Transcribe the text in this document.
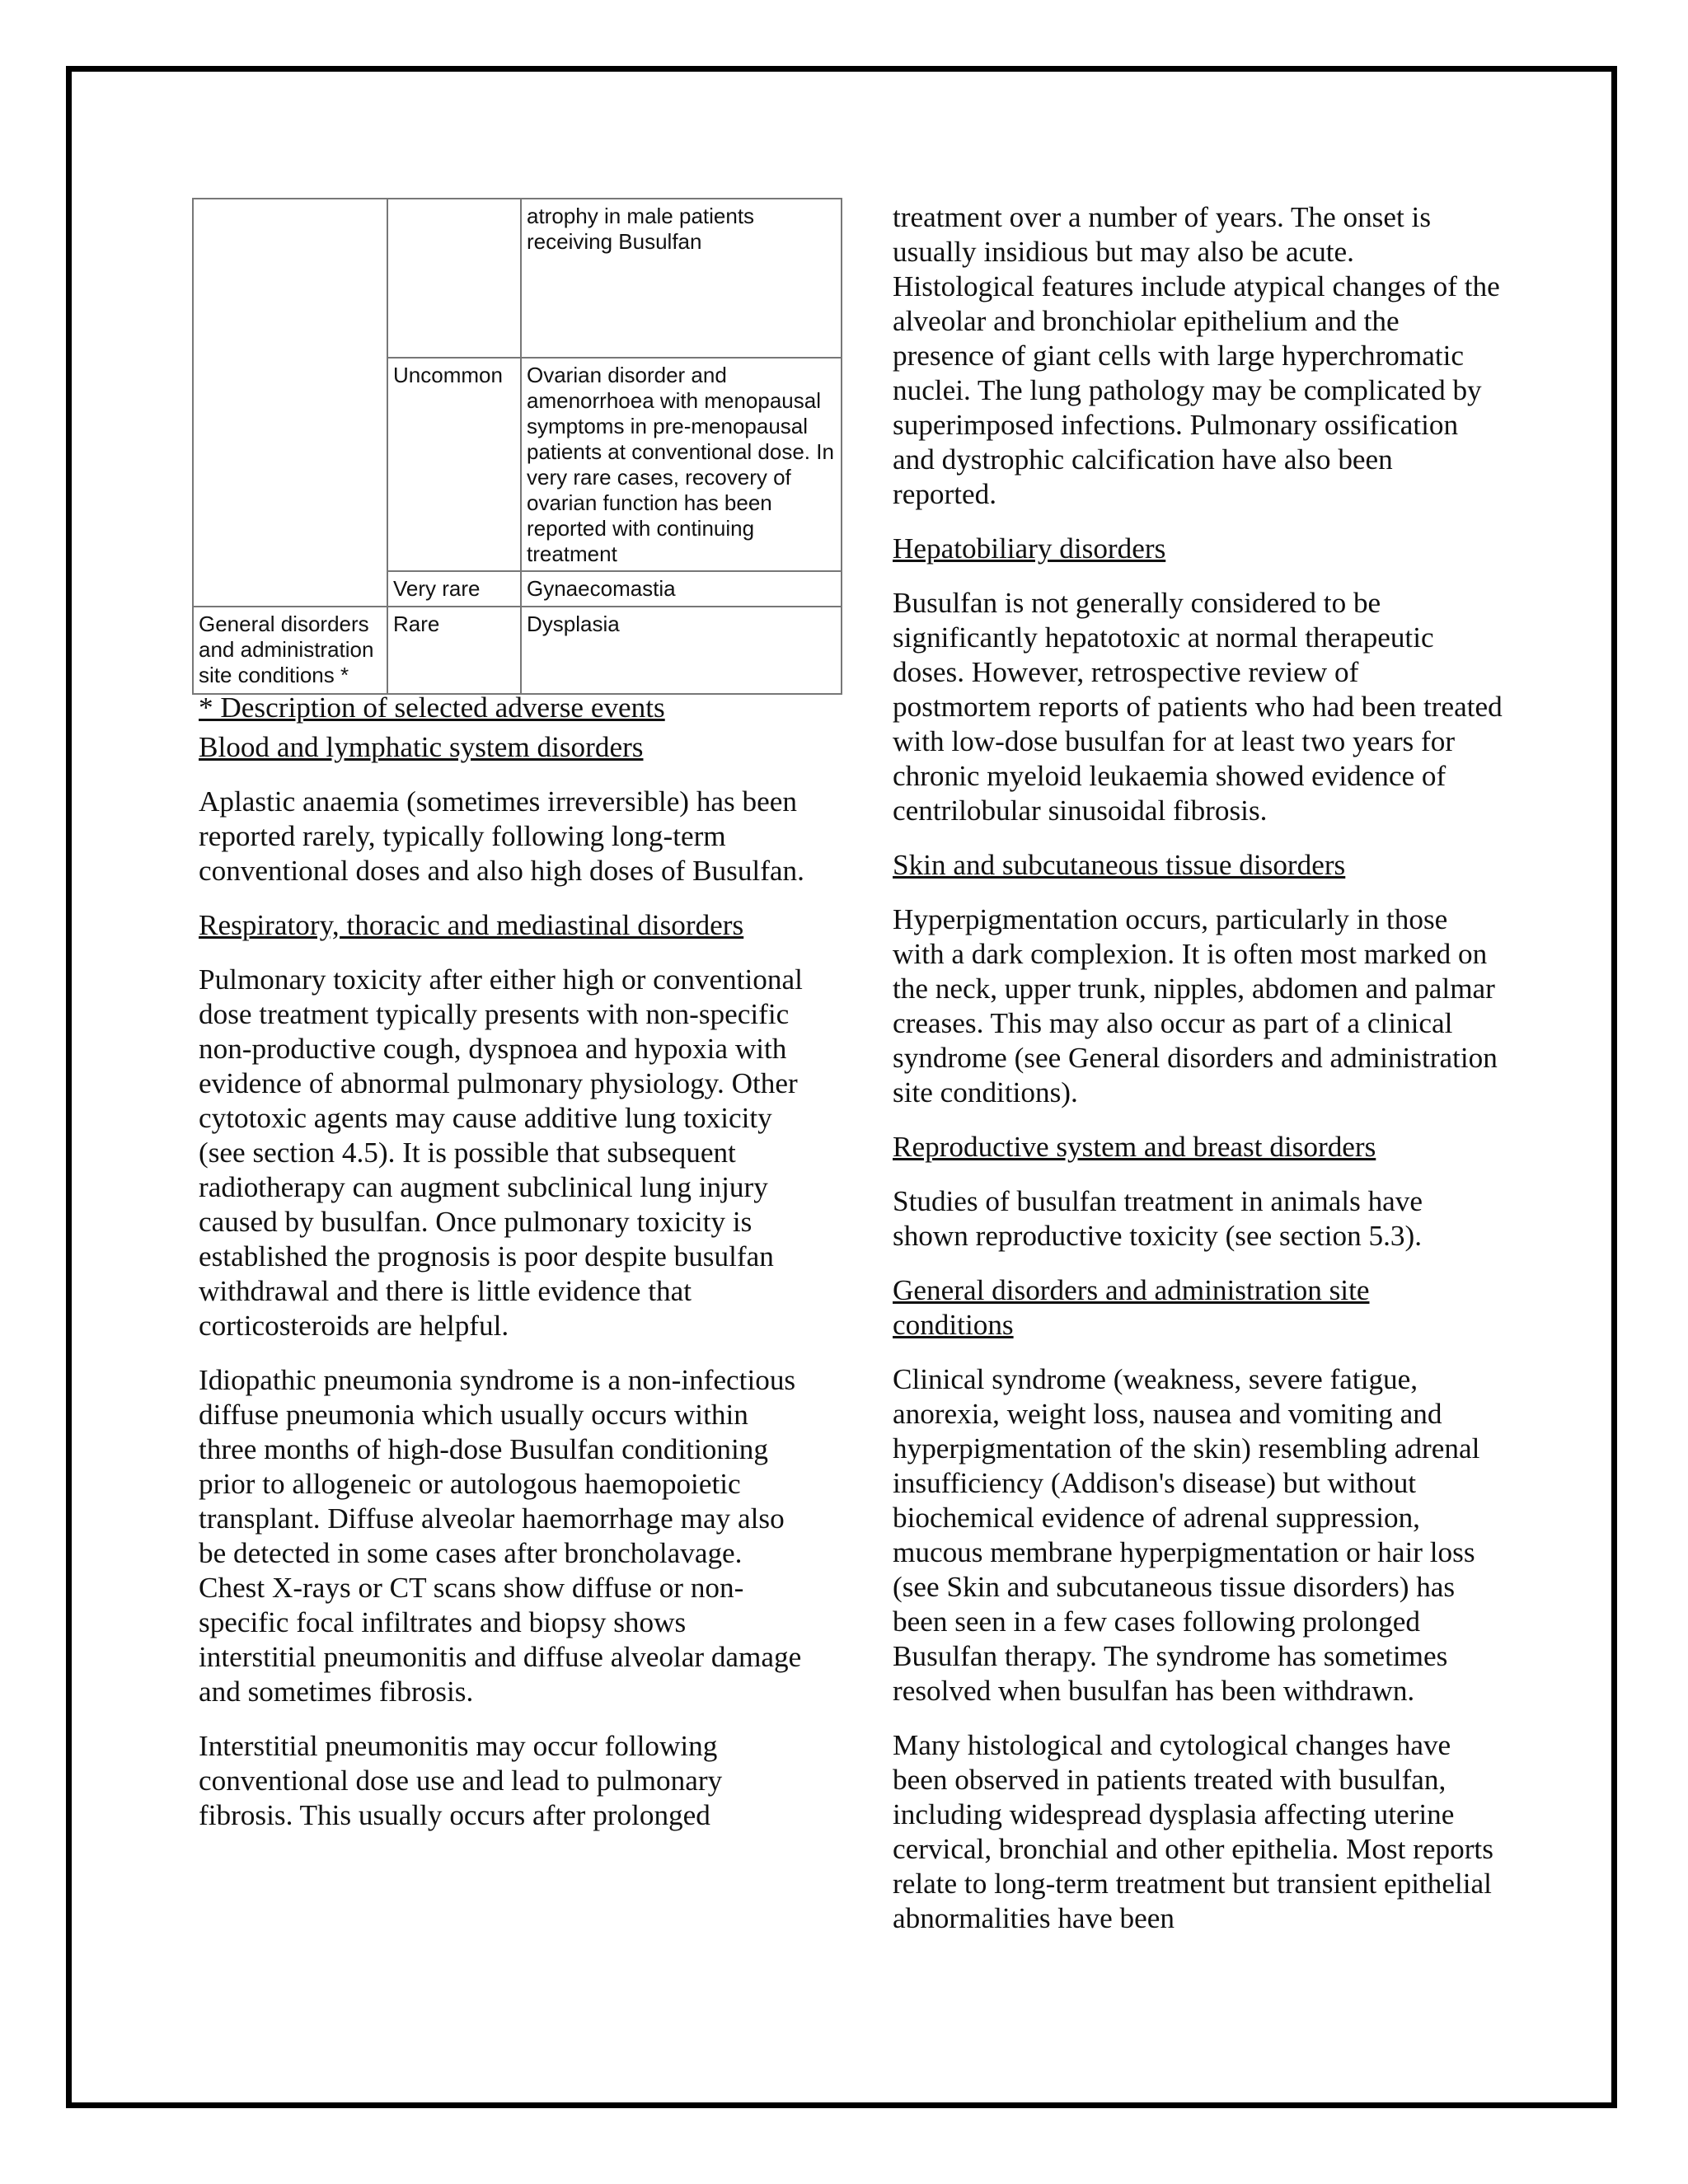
		atrophy in male patients receiving Busulfan
	Uncommon	Ovarian disorder and amenorrhoea with menopausal symptoms in pre-menopausal patients at conventional dose. In very rare cases, recovery of ovarian function has been reported with continuing treatment
	Very rare	Gynaecomastia
General disorders and administration site conditions *	Rare	Dysplasia

* Description of selected adverse events

Blood and lymphatic system disorders

Aplastic anaemia (sometimes irreversible) has been reported rarely, typically following long-term conventional doses and also high doses of Busulfan.

Respiratory, thoracic and mediastinal disorders

Pulmonary toxicity after either high or conventional dose treatment typically presents with non-specific non-productive cough, dyspnoea and hypoxia with evidence of abnormal pulmonary physiology. Other cytotoxic agents may cause additive lung toxicity (see section 4.5). It is possible that subsequent radiotherapy can augment subclinical lung injury caused by busulfan. Once pulmonary toxicity is established the prognosis is poor despite busulfan withdrawal and there is little evidence that corticosteroids are helpful.

Idiopathic pneumonia syndrome is a non-infectious diffuse pneumonia which usually occurs within three months of high-dose Busulfan conditioning prior to allogeneic or autologous haemopoietic transplant. Diffuse alveolar haemorrhage may also be detected in some cases after broncholavage. Chest X-rays or CT scans show diffuse or non-specific focal infiltrates and biopsy shows interstitial pneumonitis and diffuse alveolar damage and sometimes fibrosis.

Interstitial pneumonitis may occur following conventional dose use and lead to pulmonary fibrosis. This usually occurs after prolonged

treatment over a number of years. The onset is usually insidious but may also be acute. Histological features include atypical changes of the alveolar and bronchiolar epithelium and the presence of giant cells with large hyperchromatic nuclei. The lung pathology may be complicated by superimposed infections. Pulmonary ossification and dystrophic calcification have also been reported.

Hepatobiliary disorders

Busulfan is not generally considered to be significantly hepatotoxic at normal therapeutic doses. However, retrospective review of postmortem reports of patients who had been treated with low-dose busulfan for at least two years for chronic myeloid leukaemia showed evidence of centrilobular sinusoidal fibrosis.

Skin and subcutaneous tissue disorders

Hyperpigmentation occurs, particularly in those with a dark complexion. It is often most marked on the neck, upper trunk, nipples, abdomen and palmar creases. This may also occur as part of a clinical syndrome (see General disorders and administration site conditions).

Reproductive system and breast disorders

Studies of busulfan treatment in animals have shown reproductive toxicity (see section 5.3).

General disorders and administration site conditions

Clinical syndrome (weakness, severe fatigue, anorexia, weight loss, nausea and vomiting and hyperpigmentation of the skin) resembling adrenal insufficiency (Addison's disease) but without biochemical evidence of adrenal suppression, mucous membrane hyperpigmentation or hair loss (see Skin and subcutaneous tissue disorders) has been seen in a few cases following prolonged Busulfan therapy. The syndrome has sometimes resolved when busulfan has been withdrawn.

Many histological and cytological changes have been observed in patients treated with busulfan, including widespread dysplasia affecting uterine cervical, bronchial and other epithelia. Most reports relate to long-term treatment but transient epithelial abnormalities have been
